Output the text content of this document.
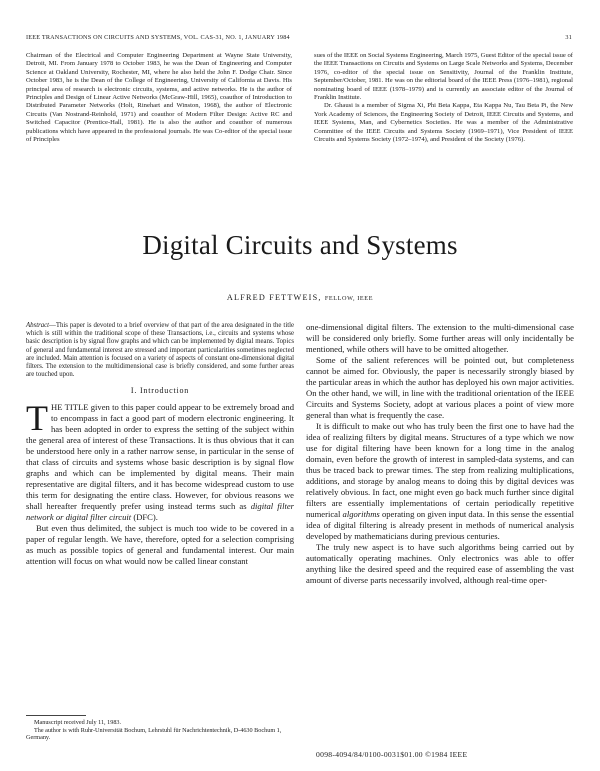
IEEE TRANSACTIONS ON CIRCUITS AND SYSTEMS, VOL. CAS-31, NO. 1, JANUARY 1984	31

Chairman of the Electrical and Computer Engineering Department at Wayne State University, Detroit, MI. From January 1978 to October 1983, he was the Dean of Engineering and Computer Science at Oakland University, Rochester, MI, where he also held the John F. Dodge Chair. Since October 1983, he is the Dean of the College of Engineering, University of California at Davis. His principal area of research is electronic circuits, systems, and active networks. He is the author of Principles and Design of Linear Active Networks (McGraw-Hill, 1965), coauthor of Introduction to Distributed Parameter Networks (Holt, Rinehart and Winston, 1968), the author of Electronic Circuits (Van Nostrand-Reinhold, 1971) and coauthor of Modern Filter Design: Active RC and Switched Capacitor (Prentice-Hall, 1981). He is also the author and coauthor of numerous publications which have appeared in the professional journals. He was Co-editor of the special issue of Principles

sues of the IEEE on Social Systems Engineering, March 1975, Guest Editor of the special issue of the IEEE Transactions on Circuits and Systems on Large Scale Networks and Systems, December 1976, co-editor of the special issue on Sensitivity, Journal of the Franklin Institute, September/October, 1981. He was on the editorial board of the IEEE Press (1976–1981), regional nominating board of IEEE (1978–1979) and is currently an associate editor of the Journal of Franklin Institute.

Dr. Ghausi is a member of Sigma Xi, Phi Beta Kappa, Eta Kappa Nu, Tau Beta Pi, the New York Academy of Sciences, the Engineering Society of Detroit, IEEE Circuits and Systems, and IEEE Systems, Man, and Cybernetics Societies. He was a member of the Administrative Committee of the IEEE Circuits and Systems Society (1969–1971), Vice President of IEEE Circuits and Systems Society (1972–1974), and President of the Society (1976).

Digital Circuits and Systems
ALFRED FETTWEIS, FELLOW, IEEE

Abstract—This paper is devoted to a brief overview of that part of the area designated in the title which is still within the traditional scope of these Transactions, i.e., circuits and systems whose basic description is by signal flow graphs and which can be implemented by digital means. Topics of general and fundamental interest are stressed and important particularities sometimes neglected are included. Main attention is focused on a variety of aspects of constant one-dimensional digital filters. The extension to the multidimensional case is briefly considered, and some further areas are touched upon.

I. Introduction

THE TITLE given to this paper could appear to be extremely broad and to encompass in fact a good part of modern electronic engineering. It has been adopted in order to express the setting of the subject within the general area of interest of these Transactions. It is thus obvious that it can be understood here only in a rather narrow sense, in particular in the sense of that class of circuits and systems whose basic description is by signal flow graphs and which can be implemented by digital means. Their main representative are digital filters, and it has become widespread custom to use this term for designating the entire class. However, for obvious reasons we shall hereafter frequently prefer using instead terms such as digital filter network or digital filter circuit (DFC).

But even thus delimited, the subject is much too wide to be covered in a paper of regular length. We have, therefore, opted for a selection comprising as much as possible topics of general and fundamental interest. Our main attention will focus on what would now be called linear constant

one-dimensional digital filters. The extension to the multi-dimensional case will be considered only briefly. Some further areas will only incidentally be mentioned, while others will have to be omitted altogether.

Some of the salient references will be pointed out, but completeness cannot be aimed for. Obviously, the paper is necessarily strongly biased by the particular areas in which the author has deployed his own major activities. On the other hand, we will, in line with the traditional orientation of the IEEE Circuits and Systems Society, adopt at various places a point of view more general than what is frequently the case.

It is difficult to make out who has truly been the first one to have had the idea of realizing filters by digital means. Structures of a type which we now use for digital filtering have been known for a long time in the analog domain, even before the growth of interest in sampled-data systems, and can thus be traced back to prewar times. The step from realizing multiplications, additions, and storage by analog means to doing this by digital devices was relatively obvious. In fact, one might even go back much further since digital filters are essentially implementations of certain periodically repetitive numerical algorithms operating on given input data. In this sense the essential idea of digital filtering is already present in methods of numerical analysis developed by mathematicians during previous centuries.

The truly new aspect is to have such algorithms being carried out by automatically operating machines. Only electronics was able to offer anything like the desired speed and the required ease of assembling the vast amount of diverse parts necessarily involved, although real-time oper-

Manuscript received July 11, 1983.

The author is with Ruhr-Universität Bochum, Lehrstuhl für Nachrichtentechnik, D-4630 Bochum 1, Germany.

0098-4094/84/0100-0031$01.00 ©1984 IEEE
